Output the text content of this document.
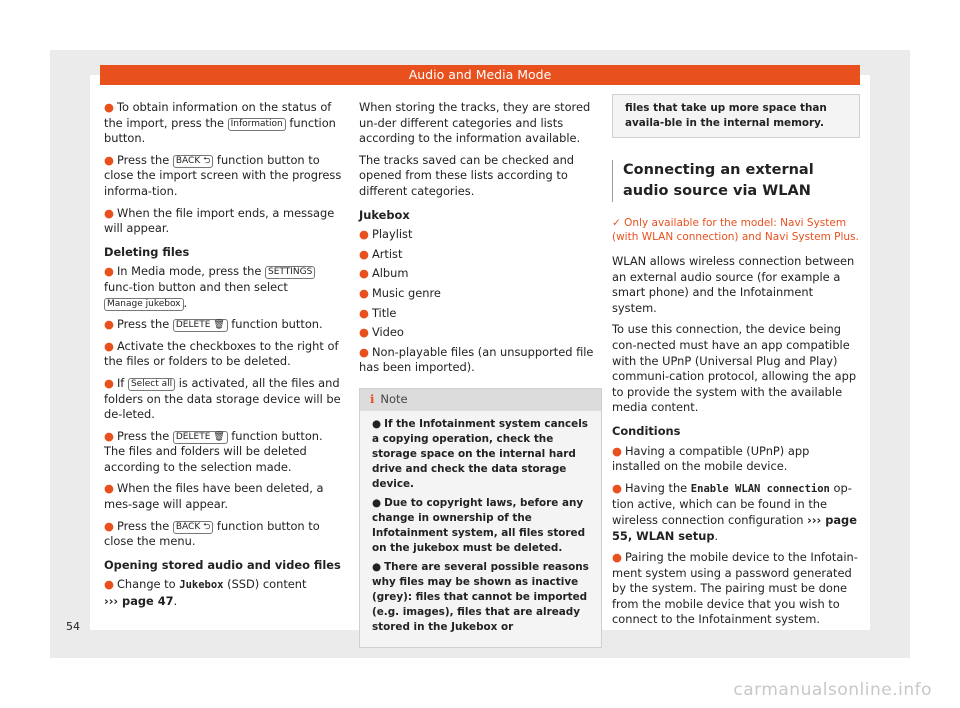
Audio and Media Mode

● To obtain information on the status of the import, press the Information function button.

● Press the BACK ⮌ function button to close the import screen with the progress informa-tion.

● When the file import ends, a message will appear.

Deleting files

● In Media mode, press the SETTINGS func-tion button and then select Manage jukebox .

● Press the DELETE 🗑 function button.

● Activate the checkboxes to the right of the files or folders to be deleted.

● If Select all is activated, all the files and folders on the data storage device will be de-leted.

● Press the DELETE 🗑 function button. The files and folders will be deleted according to the selection made.

● When the files have been deleted, a mes-sage will appear.

● Press the BACK ⮌ function button to close the menu.

Opening stored audio and video files

● Change to Jukebox (SSD) content
››› page 47.

When storing the tracks, they are stored un-der different categories and lists according to the information available.

The tracks saved can be checked and opened from these lists according to different categories.

Jukebox

● Playlist

● Artist

● Album

● Music genre

● Title

● Video

● Non-playable files (an unsupported file has been imported).

ℹ Note

● If the Infotainment system cancels a copying operation, check the storage space on the internal hard drive and check the data storage device.

● Due to copyright laws, before any change in ownership of the Infotainment system, all files stored on the jukebox must be deleted.

● There are several possible reasons why files may be shown as inactive (grey): files that cannot be imported (e.g. images), files that are already stored in the Jukebox or

files that take up more space than availa-ble in the internal memory.
Connecting an external audio source via WLAN
✓ Only available for the model: Navi System (with WLAN connection) and Navi System Plus.

WLAN allows wireless connection between an external audio source (for example a smart phone) and the Infotainment system.

To use this connection, the device being con-nected must have an app compatible with the UPnP (Universal Plug and Play) communi-cation protocol, allowing the app to provide the system with the available media content.

Conditions

● Having a compatible (UPnP) app installed on the mobile device.

● Having the Enable WLAN connection op-tion active, which can be found in the wireless connection configuration ››› page 55, WLAN setup.

● Pairing the mobile device to the Infotain-ment system using a password generated by the system. The pairing must be done from the mobile device that you wish to connect to the Infotainment system.

54
carmanualsonline.info
